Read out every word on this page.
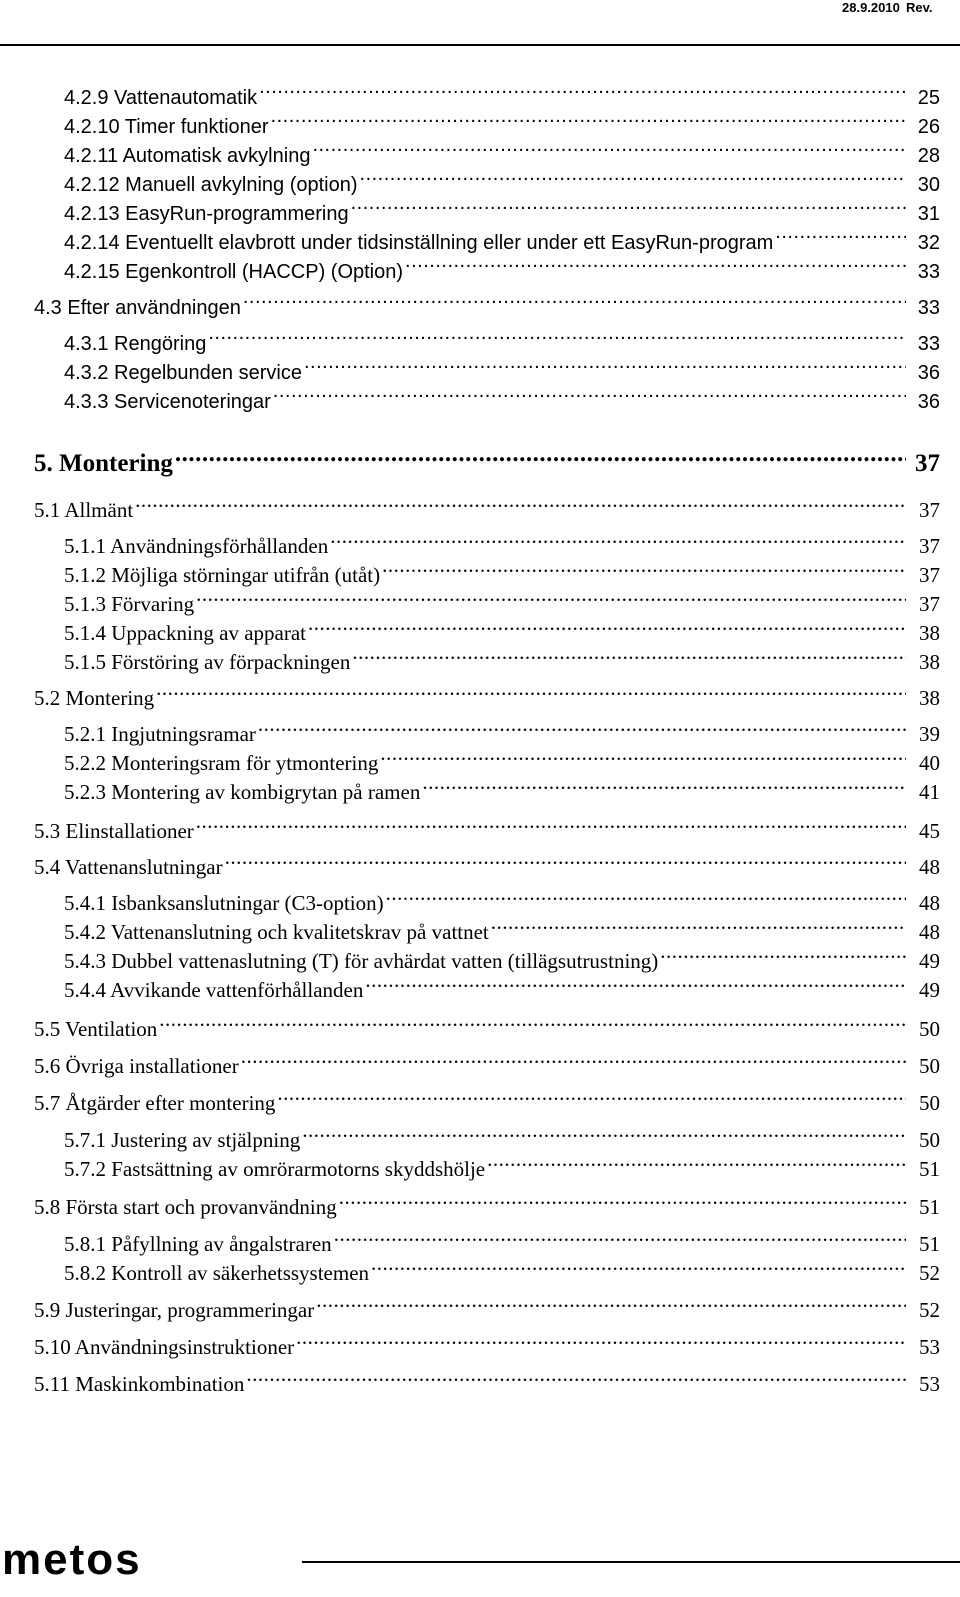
28.9.2010 Rev.
4.2.9 Vattenautomatik .....	25
4.2.10 Timer funktioner .....	26
4.2.11 Automatisk avkylning .....	28
4.2.12 Manuell avkylning (option) .....	30
4.2.13 EasyRun-programmering .....	31
4.2.14 Eventuellt elavbrott under tidsinställning eller under ett EasyRun-program .....	32
4.2.15 Egenkontroll (HACCP) (Option) .....	33
4.3 Efter användningen .....	33
4.3.1 Rengöring .....	33
4.3.2 Regelbunden service .....	36
4.3.3 Servicenoteringar .....	36
5. Montering .....	37
5.1 Allmänt .....	37
5.1.1 Användningsförhållanden .....	37
5.1.2 Möjliga störningar utifrån (utåt) .....	37
5.1.3 Förvaring .....	37
5.1.4 Uppackning av apparat .....	38
5.1.5 Förstöring av förpackningen .....	38
5.2 Montering .....	38
5.2.1 Ingjutningsramar .....	39
5.2.2 Monteringsram för ytmontering .....	40
5.2.3 Montering av kombigrytan på ramen .....	41
5.3 Elinstallationer .....	45
5.4 Vattenanslutningar .....	48
5.4.1 Isbanksanslutningar (C3-option) .....	48
5.4.2 Vattenanslutning och kvalitetskrav på vattnet .....	48
5.4.3 Dubbel vattenaslutning (T) för avhärdat vatten (tillägsutrustning) .....	49
5.4.4 Avvikande vattenförhållanden .....	49
5.5 Ventilation .....	50
5.6 Övriga installationer .....	50
5.7 Åtgärder efter montering .....	50
5.7.1 Justering av stjälpning .....	50
5.7.2 Fastsättning av omrörarmotorns skyddshölje .....	51
5.8 Första start och provanvändning .....	51
5.8.1 Påfyllning av ångalstraren .....	51
5.8.2 Kontroll av säkerhetssystemen .....	52
5.9 Justeringar, programmeringar .....	52
5.10 Användningsinstruktioner .....	53
5.11 Maskinkombination .....	53
metos
